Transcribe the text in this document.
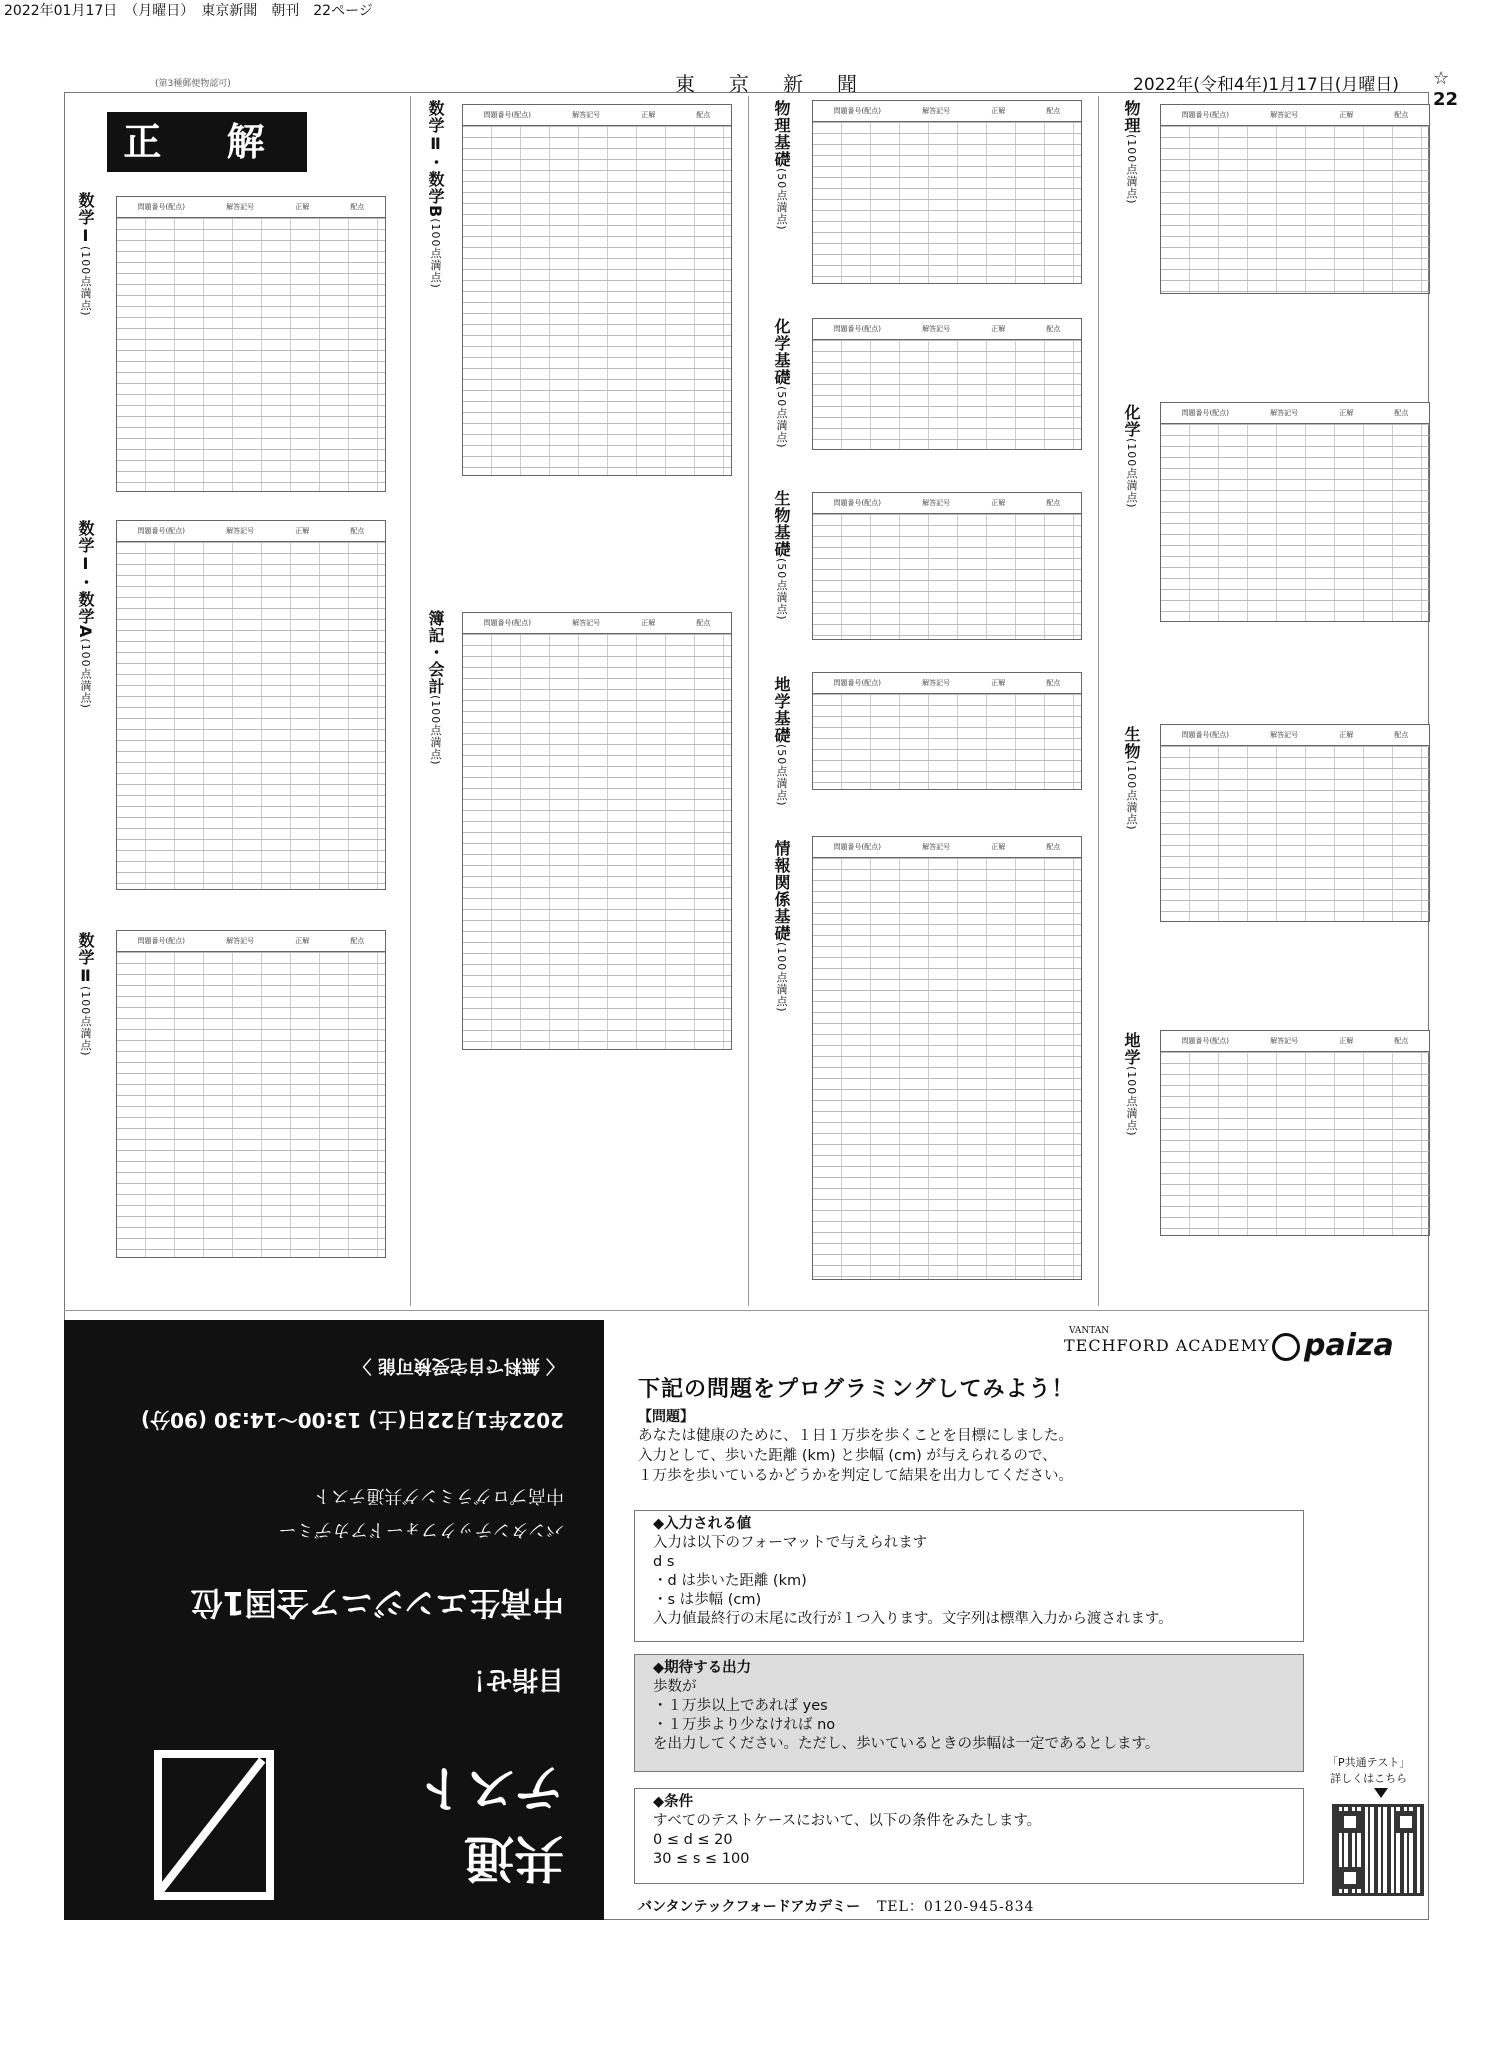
2022年01月17日　（月曜日）　東京新聞　朝刊　22ページ
(第3種郵便物認可)	東京新聞	2022年(令和4年)1月17日(月曜日) ☆ 22
正 解
数学Ⅰ(100点満点)
問題番号(配点)	解答記号	正解	配点
数学Ⅰ・数学A(100点満点)
問題番号(配点)	解答記号	正解	配点
数学Ⅱ(100点満点)
問題番号(配点)	解答記号	正解	配点
数学Ⅱ・数学B(100点満点)
問題番号(配点)	解答記号	正解	配点
簿記・会計(100点満点)
問題番号(配点)	解答記号	正解	配点
物理基礎(50点満点)
問題番号(配点)	解答記号	正解	配点
化学基礎(50点満点)
問題番号(配点)	解答記号	正解	配点
生物基礎(50点満点)
問題番号(配点)	解答記号	正解	配点
地学基礎(50点満点)
問題番号(配点)	解答記号	正解	配点
情報関係基礎(100点満点)
問題番号(配点)	解答記号	正解	配点
物理(100点満点)
問題番号(配点)	解答記号	正解	配点
化学(100点満点)
問題番号(配点)	解答記号	正解	配点
生物(100点満点)
問題番号(配点)	解答記号	正解	配点
地学(100点満点)
問題番号(配点)	解答記号	正解	配点
共通
テスト
目指せ！
中高生エンジニア全国1位
バンタンテックフォードアカデミー
中高プログラミング共通テスト
2022年1月22日(土) 13:00〜14:30 (90分)
〈 無料で自宅受検可能 〉
VANTAN
TECHFORD ACADEMY	paiza
下記の問題をプログラミングしてみよう！
【問題】
あなたは健康のために、１日１万歩を歩くことを目標にしました。
入力として、歩いた距離 (km) と歩幅 (cm) が与えられるので、
１万歩を歩いているかどうかを判定して結果を出力してください。
◆入力される値
入力は以下のフォーマットで与えられます
d s
・d は歩いた距離 (km)
・s は歩幅 (cm)
入力値最終行の末尾に改行が１つ入ります。文字列は標準入力から渡されます。
◆期待する出力
歩数が
・１万歩以上であれば yes
・１万歩より少なければ no
を出力してください。ただし、歩いているときの歩幅は一定であるとします。
◆条件
すべてのテストケースにおいて、以下の条件をみたします。
0 ≤ d ≤ 20
30 ≤ s ≤ 100
「P共通テスト」
詳しくはこちら
バンタンテックフォードアカデミー TEL：0120-945-834
